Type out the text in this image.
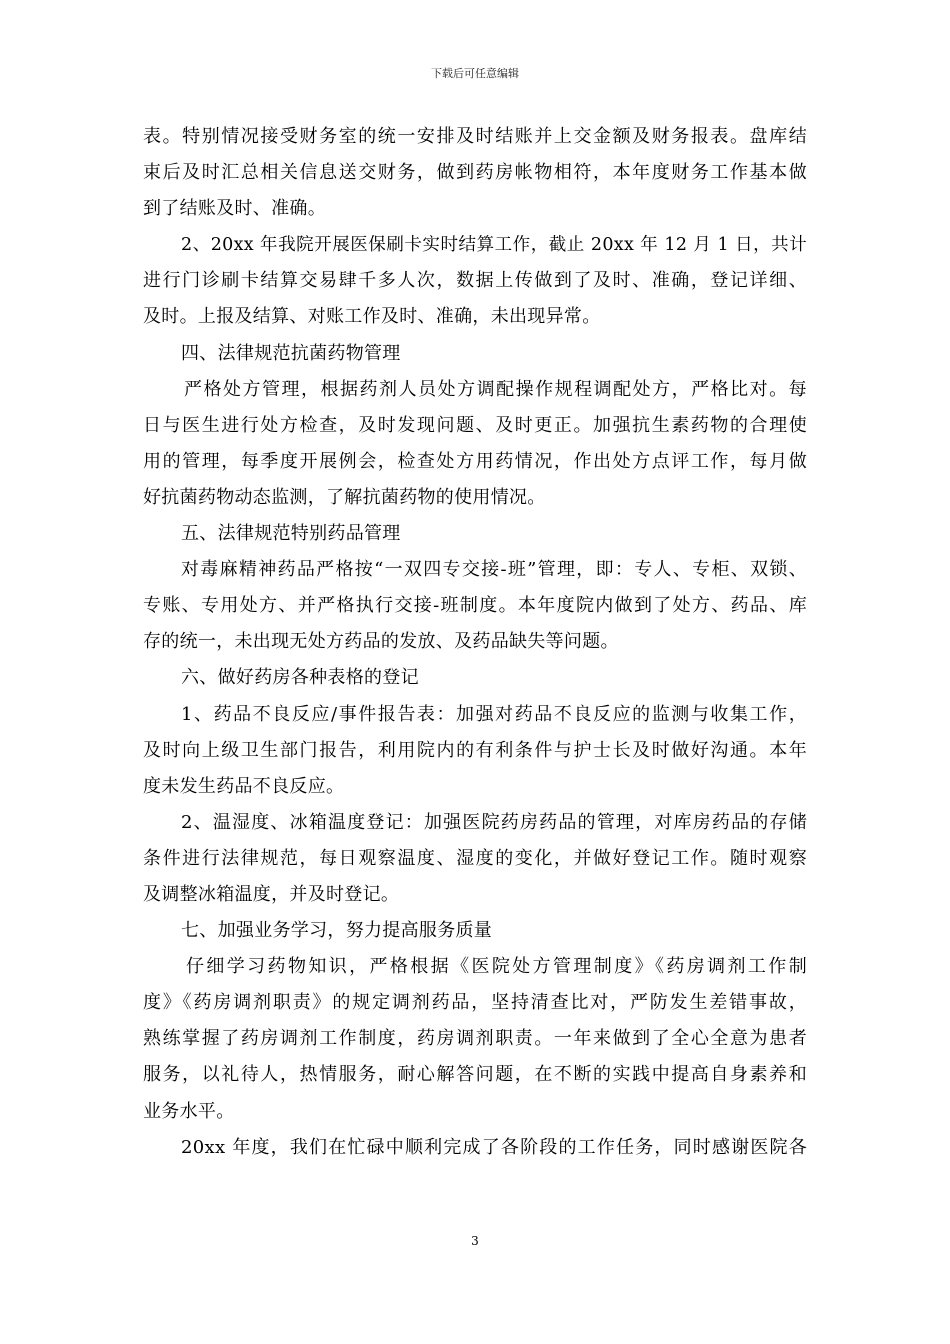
下载后可任意编辑
表。特别情况接受财务室的统一安排及时结账并上交金额及财务报表。盘库结
束后及时汇总相关信息送交财务，做到药房帐物相符，本年度财务工作基本做
到了结账及时、准确。
2、20xx 年我院开展医保刷卡实时结算工作，截止 20xx 年 12 月 1 日，共计
进行门诊刷卡结算交易肆千多人次，数据上传做到了及时、准确，登记详细、
及时。上报及结算、对账工作及时、准确，未出现异常。
四、法律规范抗菌药物管理
严格处方管理，根据药剂人员处方调配操作规程调配处方，严格比对。每
日与医生进行处方检查，及时发现问题、及时更正。加强抗生素药物的合理使
用的管理，每季度开展例会，检查处方用药情况，作出处方点评工作，每月做
好抗菌药物动态监测，了解抗菌药物的使用情况。
五、法律规范特别药品管理
对毒麻精神药品严格按“一双四专交接-班”管理，即：专人、专柜、双锁、
专账、专用处方、并严格执行交接-班制度。本年度院内做到了处方、药品、库
存的统一，未出现无处方药品的发放、及药品缺失等问题。
六、做好药房各种表格的登记
1、药品不良反应/事件报告表：加强对药品不良反应的监测与收集工作，
及时向上级卫生部门报告，利用院内的有利条件与护士长及时做好沟通。本年
度未发生药品不良反应。
2、温湿度、冰箱温度登记：加强医院药房药品的管理，对库房药品的存储
条件进行法律规范，每日观察温度、湿度的变化，并做好登记工作。随时观察
及调整冰箱温度，并及时登记。
七、加强业务学习，努力提高服务质量
仔细学习药物知识，严格根据《医院处方管理制度》《药房调剂工作制
度》《药房调剂职责》的规定调剂药品，坚持清查比对，严防发生差错事故，
熟练掌握了药房调剂工作制度，药房调剂职责。一年来做到了全心全意为患者
服务，以礼待人，热情服务，耐心解答问题，在不断的实践中提高自身素养和
业务水平。
20xx 年度，我们在忙碌中顺利完成了各阶段的工作任务，同时感谢医院各
3
